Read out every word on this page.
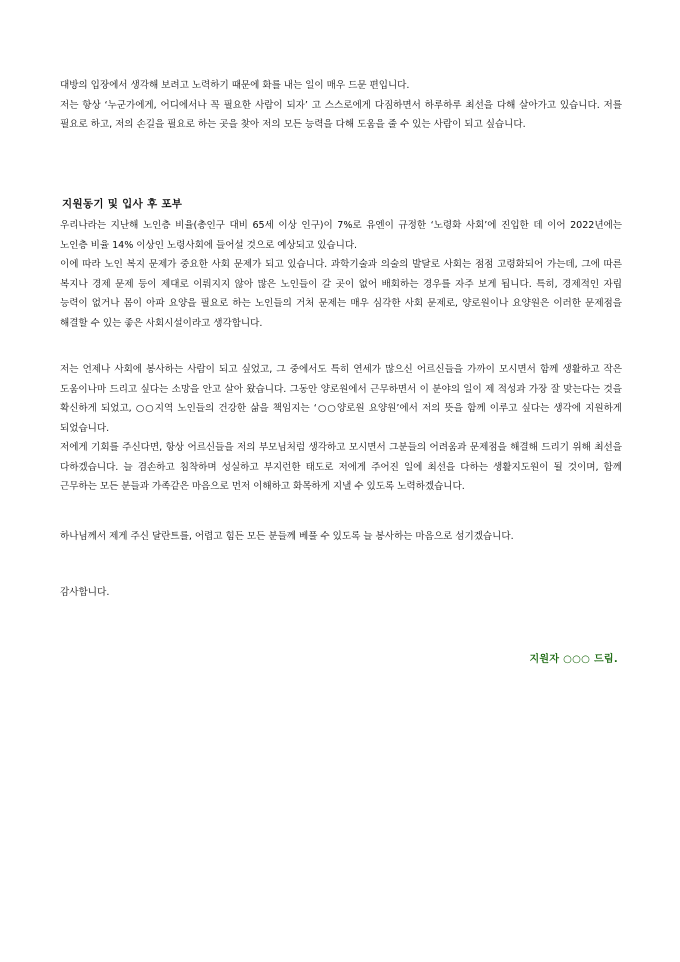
대방의 입장에서 생각해 보려고 노력하기 때문에 화를 내는 일이 매우 드문 편입니다.

저는 항상 ‘누군가에게, 어디에서나 꼭 필요한 사람이 되자’ 고 스스로에게 다짐하면서 하루하루 최선을 다해 살아가고 있습니다. 저를 필요로 하고, 저의 손길을 필요로 하는 곳을 찾아 저의 모든 능력을 다해 도움을 줄 수 있는 사람이 되고 싶습니다.

지원동기 및 입사 후 포부

우리나라는 지난해 노인층 비율(총인구 대비 65세 이상 인구)이 7%로 유엔이 규정한 ‘노령화 사회’에 진입한 데 이어 2022년에는 노인층 비율 14% 이상인 노령사회에 들어설 것으로 예상되고 있습니다.

이에 따라 노인 복지 문제가 중요한 사회 문제가 되고 있습니다. 과학기술과 의술의 발달로 사회는 점점 고령화되어 가는데, 그에 따른 복지나 경제 문제 등이 제대로 이뤄지지 않아 많은 노인들이 갈 곳이 없어 배회하는 경우를 자주 보게 됩니다. 특히, 경제적인 자립 능력이 없거나 몸이 아파 요양을 필요로 하는 노인들의 거처 문제는 매우 심각한 사회 문제로, 양로원이나 요양원은 이러한 문제점을 해결할 수 있는 좋은 사회시설이라고 생각합니다.

저는 언제나 사회에 봉사하는 사람이 되고 싶었고, 그 중에서도 특히 연세가 많으신 어르신들을 가까이 모시면서 함께 생활하고 작은 도움이나마 드리고 싶다는 소망을 안고 살아 왔습니다. 그동안 양로원에서 근무하면서 이 분야의 일이 제 적성과 가장 잘 맞는다는 것을 확신하게 되었고, ○○지역 노인들의 건강한 삶을 책임지는 ‘○○양로원 요양원’에서 저의 뜻을 함께 이루고 싶다는 생각에 지원하게 되었습니다.

저에게 기회를 주신다면, 항상 어르신들을 저의 부모님처럼 생각하고 모시면서 그분들의 어려움과 문제점을 해결해 드리기 위해 최선을 다하겠습니다. 늘 겸손하고 침착하며 성실하고 부지런한 태도로 저에게 주어진 일에 최선을 다하는 생활지도원이 될 것이며, 함께 근무하는 모든 분들과 가족같은 마음으로 먼저 이해하고 화목하게 지낼 수 있도록 노력하겠습니다.

하나님께서 제게 주신 달란트를, 어렵고 힘든 모든 분들께 베풀 수 있도록 늘 봉사하는 마음으로 섬기겠습니다.

감사합니다.
지원자 ○○○ 드림.
